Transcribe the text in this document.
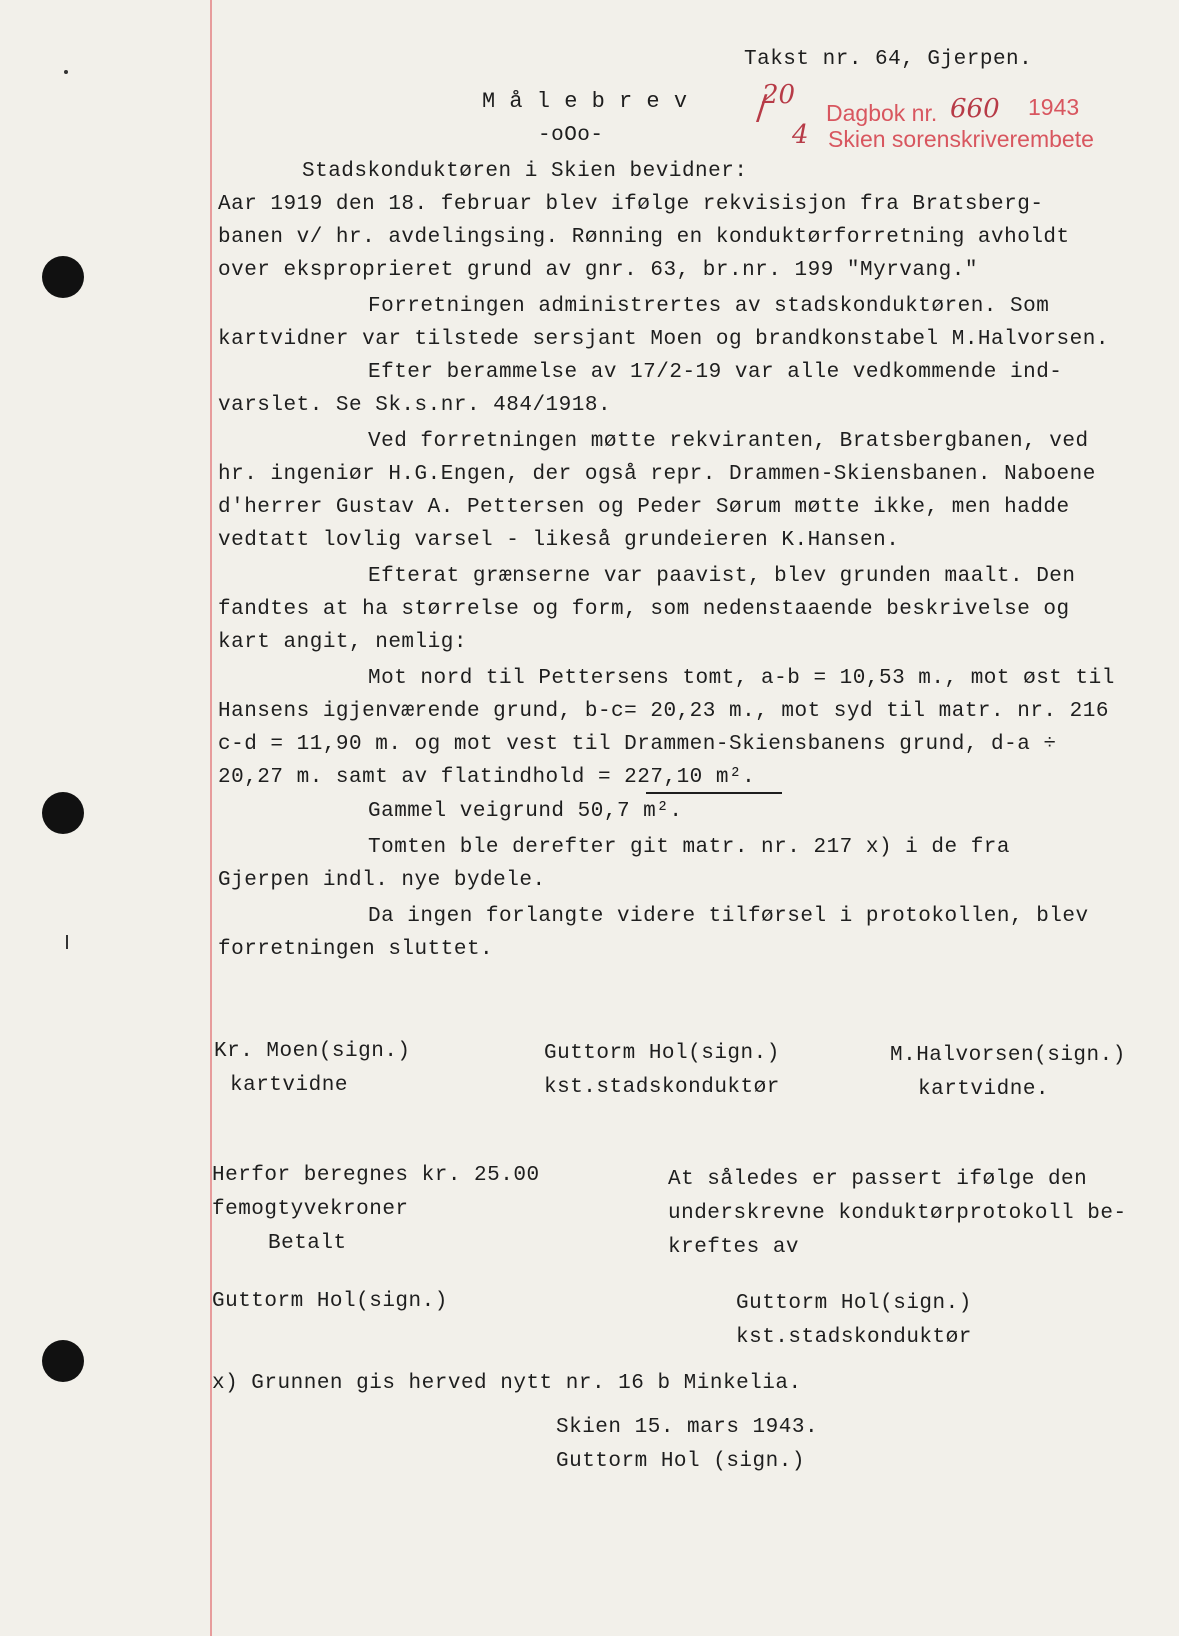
Takst nr. 64, Gjerpen.
M å l e b r e v
-oOo-
20
/
4
Dagbok nr. 660 1943
Skien sorenskriverembete
Stadskonduktøren i Skien bevidner:
Aar 1919 den 18. februar blev ifølge rekvisisjon fra Bratsberg-
banen v/ hr. avdelingsing. Rønning en konduktørforretning avholdt
over eksproprieret grund av gnr. 63, br.nr. 199 "Myrvang."
Forretningen administrertes av stadskonduktøren. Som
kartvidner var tilstede sersjant Moen og brandkonstabel M.Halvorsen.
Efter berammelse av 17/2-19 var alle vedkommende ind-
varslet. Se Sk.s.nr. 484/1918.
Ved forretningen møtte rekviranten, Bratsbergbanen, ved
hr. ingeniør H.G.Engen, der også repr. Drammen-Skiensbanen. Naboene
d'herrer Gustav A. Pettersen og Peder Sørum møtte ikke, men hadde
vedtatt lovlig varsel - likeså grundeieren K.Hansen.
Efterat grænserne var paavist, blev grunden maalt. Den
fandtes at ha størrelse og form, som nedenstaaende beskrivelse og
kart angit, nemlig:
Mot nord til Pettersens tomt, a-b = 10,53 m., mot øst til
Hansens igjenværende grund, b-c= 20,23 m., mot syd til matr. nr. 216
c-d = 11,90 m. og mot vest til Drammen-Skiensbanens grund, d-a ÷
20,27 m. samt av flatindhold = 227,10 m².
Gammel veigrund 50,7 m².
Tomten ble derefter git matr. nr. 217 x) i de fra
Gjerpen indl. nye bydele.
Da ingen forlangte videre tilførsel i protokollen, blev
forretningen sluttet.
Kr. Moen(sign.)
kartvidne
Guttorm Hol(sign.)
kst.stadskonduktør
M.Halvorsen(sign.)
kartvidne.
Herfor beregnes kr. 25.00
femogtyvekroner
Betalt
Guttorm Hol(sign.)
At således er passert ifølge den
underskrevne konduktørprotokoll be-
kreftes av
Guttorm Hol(sign.)
kst.stadskonduktør
x) Grunnen gis herved nytt nr. 16 b Minkelia.
Skien 15. mars 1943.
Guttorm Hol (sign.)
